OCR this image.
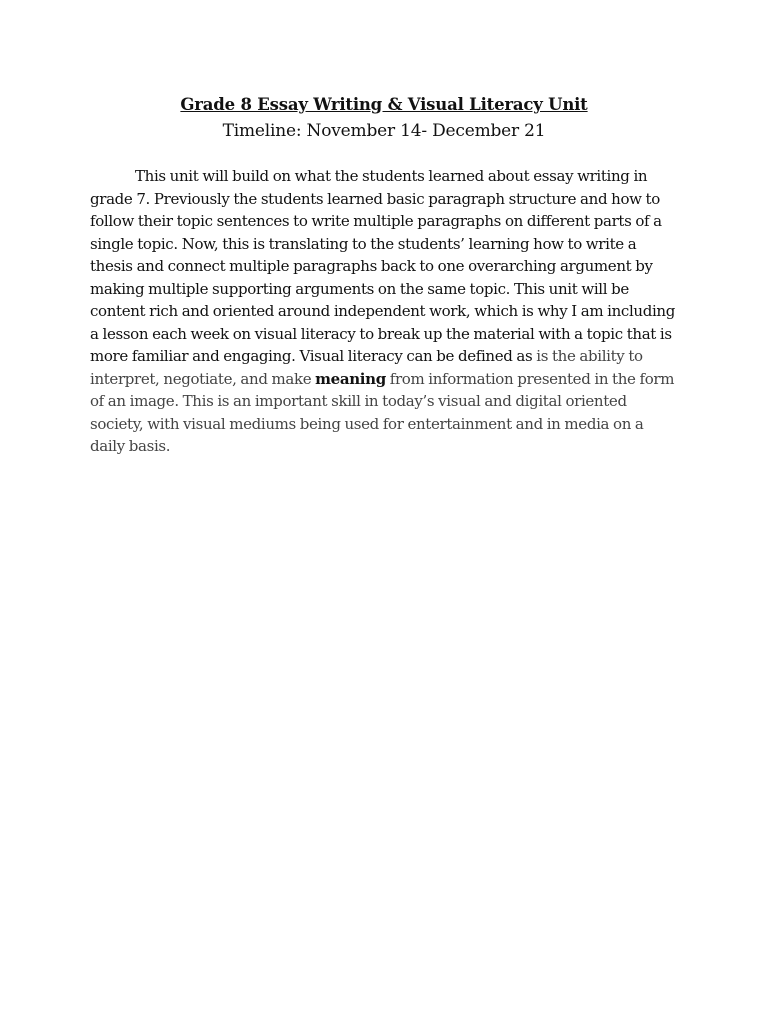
Grade 8 Essay Writing & Visual Literacy Unit
Timeline: November 14- December 21

This unit will build on what the students learned about essay writing in grade 7. Previously the students learned basic paragraph structure and how to follow their topic sentences to write multiple paragraphs on different parts of a single topic. Now, this is translating to the students’ learning how to write a thesis and connect multiple paragraphs back to one overarching argument by making multiple supporting arguments on the same topic. This unit will be content rich and oriented around independent work, which is why I am including a lesson each week on visual literacy to break up the material with a topic that is more familiar and engaging. Visual literacy can be defined as is the ability to interpret, negotiate, and make meaning from information presented in the form of an image. This is an important skill in today’s visual and digital oriented society, with visual mediums being used for entertainment and in media on a daily basis.
